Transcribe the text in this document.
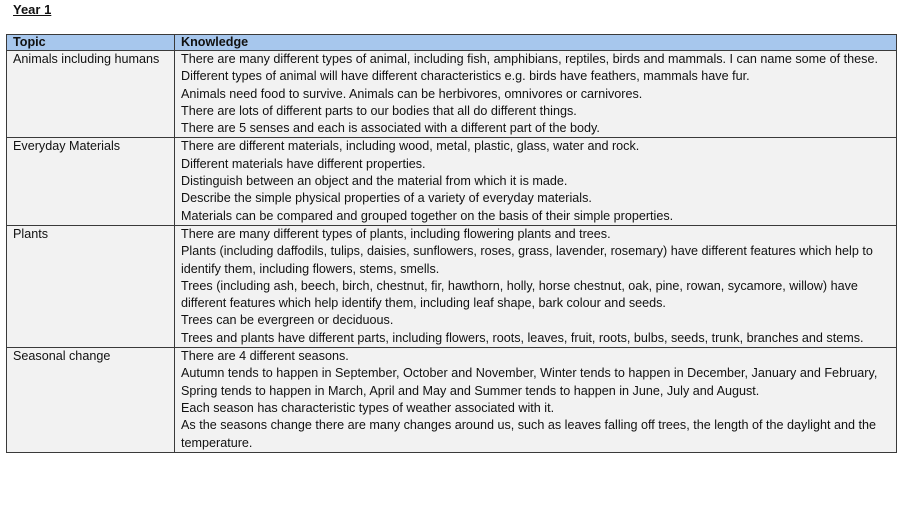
Year 1
Topic	Knowledge
Animals including humans	There are many different types of animal, including fish, amphibians, reptiles, birds and mammals. I can name some of these.
Different types of animal will have different characteristics e.g. birds have feathers, mammals have fur.
Animals need food to survive. Animals can be herbivores, omnivores or carnivores.
There are lots of different parts to our bodies that all do different things.
There are 5 senses and each is associated with a different part of the body.

Everyday Materials	There are different materials, including wood, metal, plastic, glass, water and rock.
Different materials have different properties.
Distinguish between an object and the material from which it is made.
Describe the simple physical properties of a variety of everyday materials.
Materials can be compared and grouped together on the basis of their simple properties.

Plants	There are many different types of plants, including flowering plants and trees.
Plants (including daffodils, tulips, daisies, sunflowers, roses, grass, lavender, rosemary) have different features which help to identify them, including flowers, stems, smells.
Trees (including ash, beech, birch, chestnut, fir, hawthorn, holly, horse chestnut, oak, pine, rowan, sycamore, willow) have different features which help identify them, including leaf shape, bark colour and seeds.
Trees can be evergreen or deciduous.
Trees and plants have different parts, including flowers, roots, leaves, fruit, roots, bulbs, seeds, trunk, branches and stems.

Seasonal change	There are 4 different seasons.
Autumn tends to happen in September, October and November, Winter tends to happen in December, January and February, Spring tends to happen in March, April and May and Summer tends to happen in June, July and August.
Each season has characteristic types of weather associated with it.
As the seasons change there are many changes around us, such as leaves falling off trees, the length of the daylight and the temperature.
